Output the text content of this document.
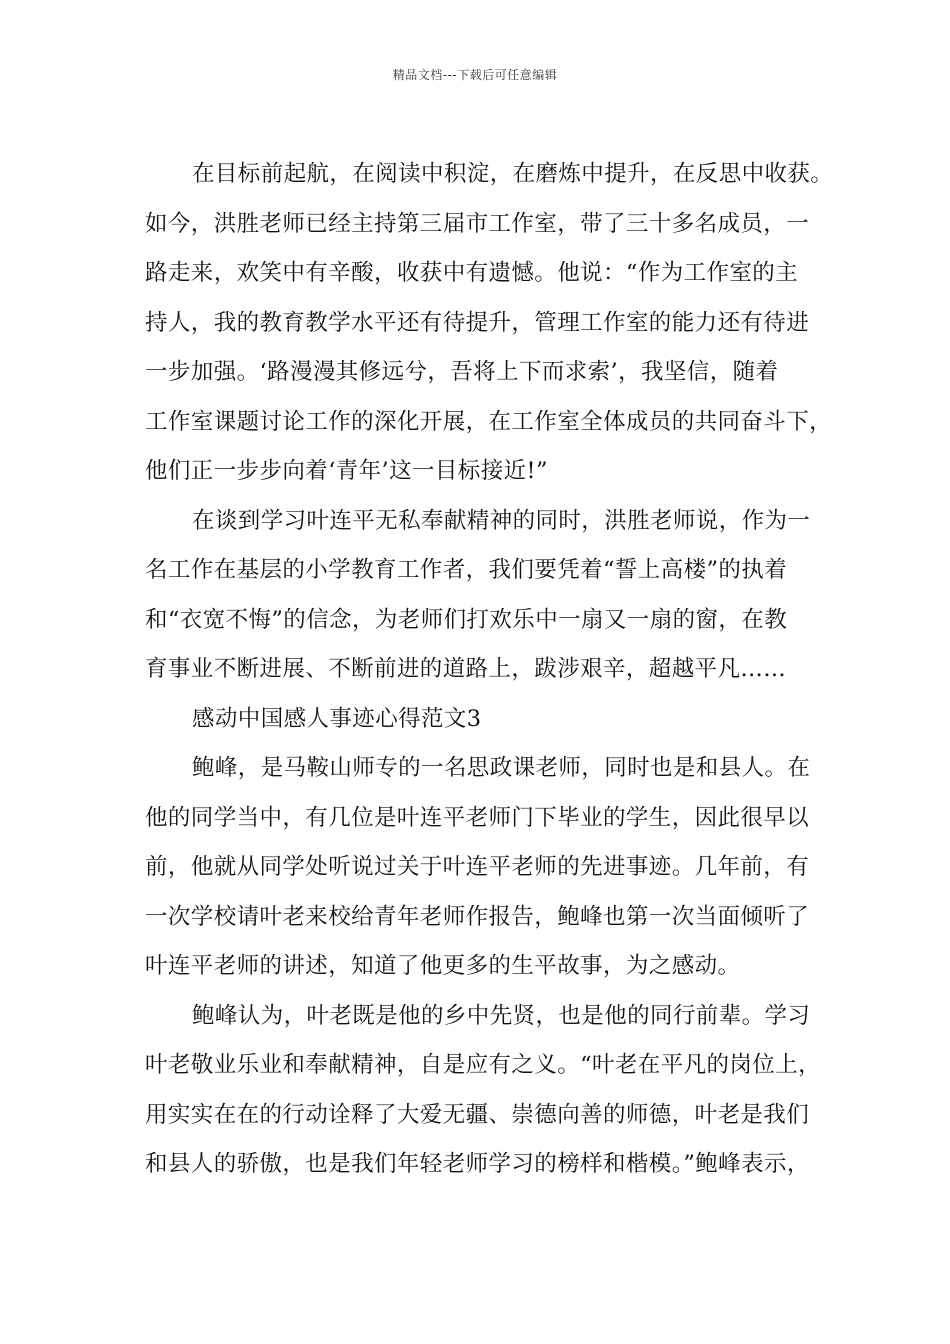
精品文档---下载后可任意编辑
在目标前起航，在阅读中积淀，在磨炼中提升，在反思中收获。
如今，洪胜老师已经主持第三届市工作室，带了三十多名成员，一
路走来，欢笑中有辛酸，收获中有遗憾。他说：“作为工作室的主
持人，我的教育教学水平还有待提升，管理工作室的能力还有待进
一步加强。‘路漫漫其修远兮，吾将上下而求索’，我坚信，随着
工作室课题讨论工作的深化开展，在工作室全体成员的共同奋斗下，
他们正一步步向着‘青年’这一目标接近!”
在谈到学习叶连平无私奉献精神的同时，洪胜老师说，作为一
名工作在基层的小学教育工作者，我们要凭着“誓上高楼”的执着
和“衣宽不悔”的信念，为老师们打欢乐中一扇又一扇的窗，在教
育事业不断进展、不断前进的道路上，跋涉艰辛，超越平凡……
感动中国感人事迹心得范文3
鲍峰，是马鞍山师专的一名思政课老师，同时也是和县人。在
他的同学当中，有几位是叶连平老师门下毕业的学生，因此很早以
前，他就从同学处听说过关于叶连平老师的先进事迹。几年前，有
一次学校请叶老来校给青年老师作报告，鲍峰也第一次当面倾听了
叶连平老师的讲述，知道了他更多的生平故事，为之感动。
鲍峰认为，叶老既是他的乡中先贤，也是他的同行前辈。学习
叶老敬业乐业和奉献精神，自是应有之义。“叶老在平凡的岗位上，
用实实在在的行动诠释了大爱无疆、崇德向善的师德，叶老是我们
和县人的骄傲，也是我们年轻老师学习的榜样和楷模。”鲍峰表示，
